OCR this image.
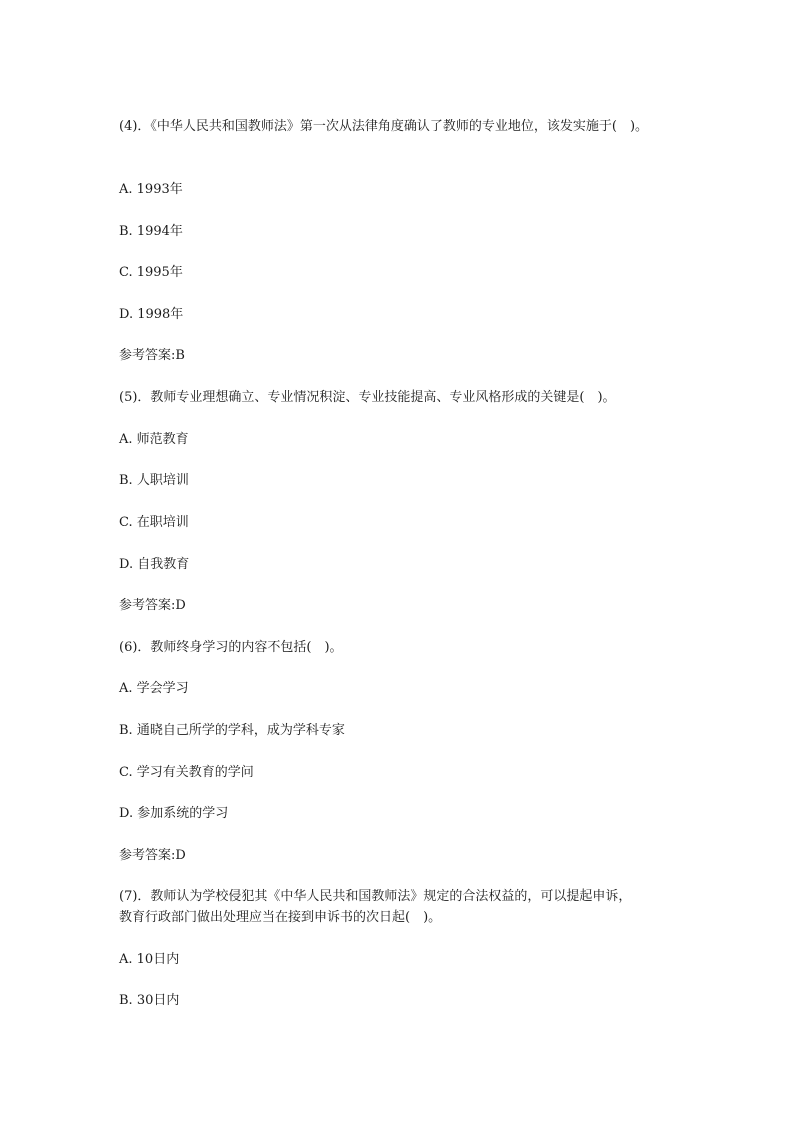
(4)．《中华人民共和国教师法》第一次从法律角度确认了教师的专业地位，该发实施于(　)。
A. 1993年
B. 1994年
C. 1995年
D. 1998年
参考答案:B
(5)．教师专业理想确立、专业情况积淀、专业技能提高、专业风格形成的关键是(　)。
A. 师范教育
B. 人职培训
C. 在职培训
D. 自我教育
参考答案:D
(6)．教师终身学习的内容不包括(　)。
A. 学会学习
B. 通晓自己所学的学科，成为学科专家
C. 学习有关教育的学问
D. 参加系统的学习
参考答案:D
(7)．教师认为学校侵犯其《中华人民共和国教师法》规定的合法权益的，可以提起申诉，
教育行政部门做出处理应当在接到申诉书的次日起(　)。
A. 10日内
B. 30日内
